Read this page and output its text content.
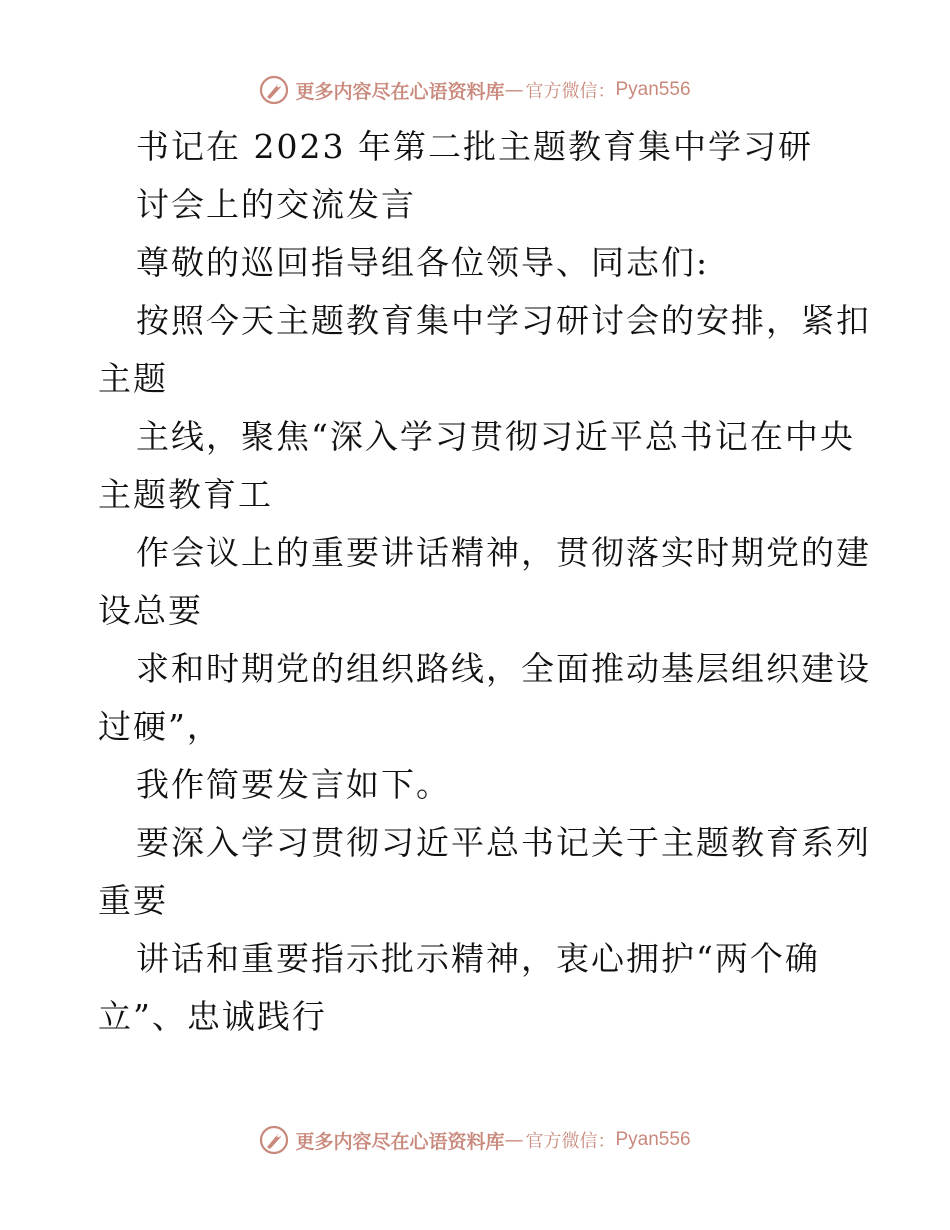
更多内容尽在心语资料库 — 官方微信： Pyan556
书记在 2023 年第二批主题教育集中学习研
讨会上的交流发言
尊敬的巡回指导组各位领导、同志们:
按照今天主题教育集中学习研讨会的安排，紧扣
主题
主线，聚焦“深入学习贯彻习近平总书记在中央
主题教育工
作会议上的重要讲话精神，贯彻落实时期党的建
设总要
求和时期党的组织路线，全面推动基层组织建设
过硬”，
我作简要发言如下。
要深入学习贯彻习近平总书记关于主题教育系列
重要
讲话和重要指示批示精神，衷心拥护“两个确
立”、忠诚践行
更多内容尽在心语资料库 — 官方微信： Pyan556
